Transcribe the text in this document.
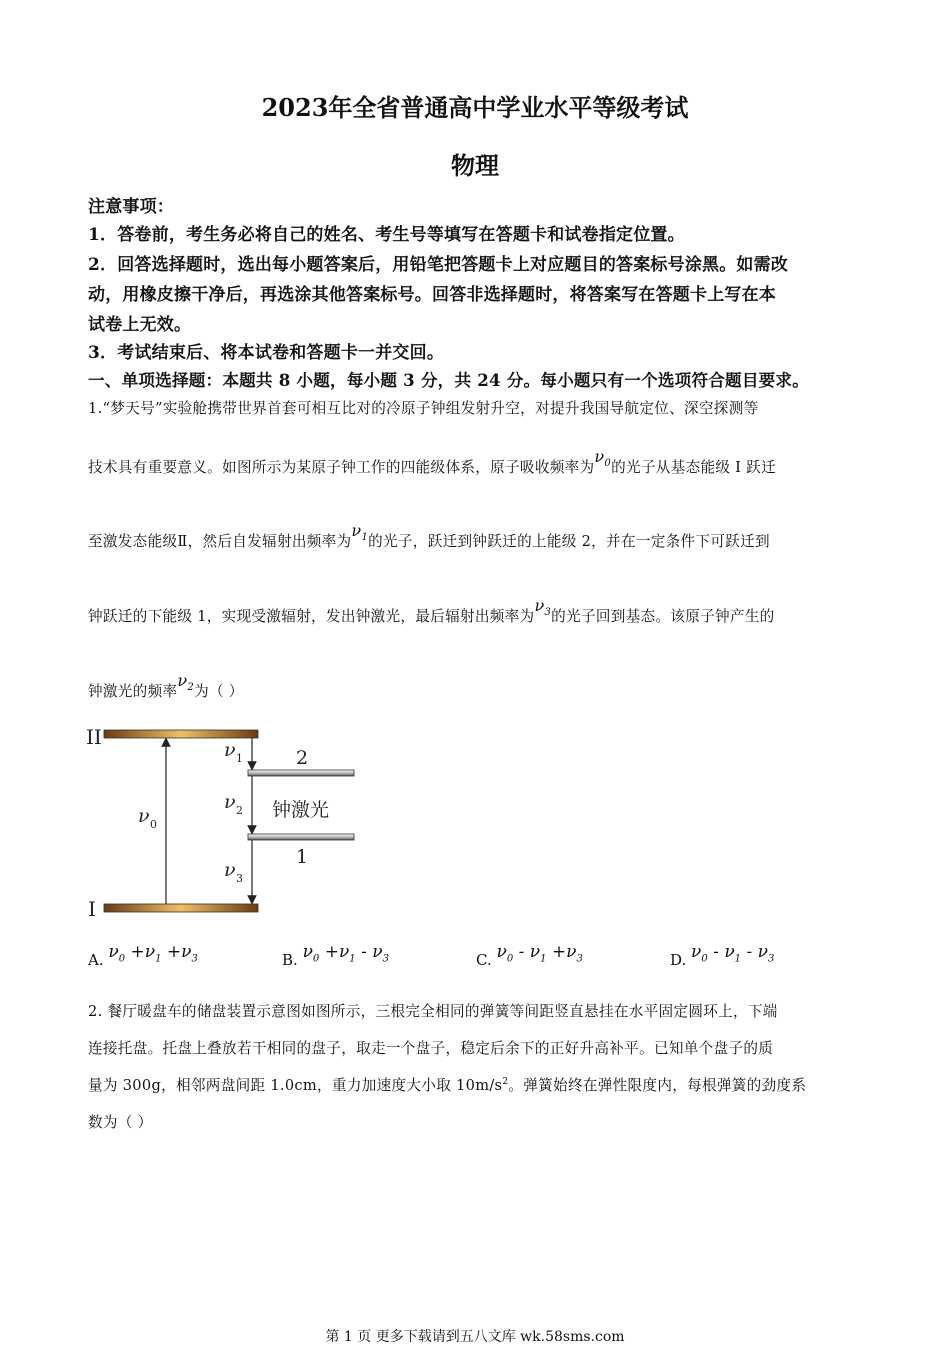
2023年全省普通高中学业水平等级考试
物理
注意事项：
1．答卷前，考生务必将自己的姓名、考生号等填写在答题卡和试卷指定位置。
2．回答选择题时，选出每小题答案后，用铅笔把答题卡上对应题目的答案标号涂黑。如需改
动，用橡皮擦干净后，再选涂其他答案标号。回答非选择题时，将答案写在答题卡上写在本
试卷上无效。
3．考试结束后、将本试卷和答题卡一并交回。
一、单项选择题：本题共 8 小题，每小题 3 分，共 24 分。每小题只有一个选项符合题目要求。
1.“梦天号”实验舱携带世界首套可相互比对的冷原子钟组发射升空，对提升我国导航定位、深空探测等
技术具有重要意义。如图所示为某原子钟工作的四能级体系，原子吸收频率为$\nu_0$的光子从基态能级 I 跃迁
至激发态能级Ⅱ，然后自发辐射出频率为$\nu_1$的光子，跃迁到钟跃迁的上能级 2，并在一定条件下可跃迁到
钟跃迁的下能级 1，实现受激辐射，发出钟激光，最后辐射出频率为$\nu_3$的光子回到基态。该原子钟产生的
钟激光的频率$\nu_2$为（ ）
II
I
2
1
钟激光
ν 0
ν 1
ν 2
ν 3
A. $\nu_0 +\nu_1 +\nu_3$	B. $\nu_0 +\nu_1 - \nu_3$	C. $\nu_0 - \nu_1 +\nu_3$	D. $\nu_0 - \nu_1 - \nu_3$
2. 餐厅暖盘车的储盘装置示意图如图所示，三根完全相同的弹簧等间距竖直悬挂在水平固定圆环上，下端
连接托盘。托盘上叠放若干相同的盘子，取走一个盘子，稳定后余下的正好升高补平。已知单个盘子的质
量为 300g，相邻两盘间距 1.0cm，重力加速度大小取 $10m/s^2$。弹簧始终在弹性限度内，每根弹簧的劲度系
数为（ ）
第 1 页 更多下载请到五八文库 wk.58sms.com
